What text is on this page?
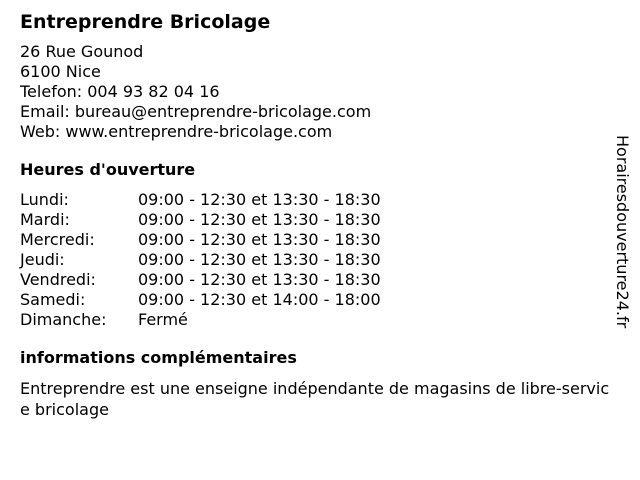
Entreprendre Bricolage
26 Rue Gounod
6100 Nice
Telefon: 004 93 82 04 16
Email: bureau@entreprendre-bricolage.com
Web: www.entreprendre-bricolage.com
Heures d'ouverture
Lundi:	09:00 - 12:30 et 13:30 - 18:30
Mardi:	09:00 - 12:30 et 13:30 - 18:30
Mercredi:	09:00 - 12:30 et 13:30 - 18:30
Jeudi:	09:00 - 12:30 et 13:30 - 18:30
Vendredi:	09:00 - 12:30 et 13:30 - 18:30
Samedi:	09:00 - 12:30 et 14:00 - 18:00
Dimanche:	Fermé
informations complémentaires
Entreprendre est une enseigne indépendante de magasins de libre-service bricolage
Horairesdouverture24.fr
